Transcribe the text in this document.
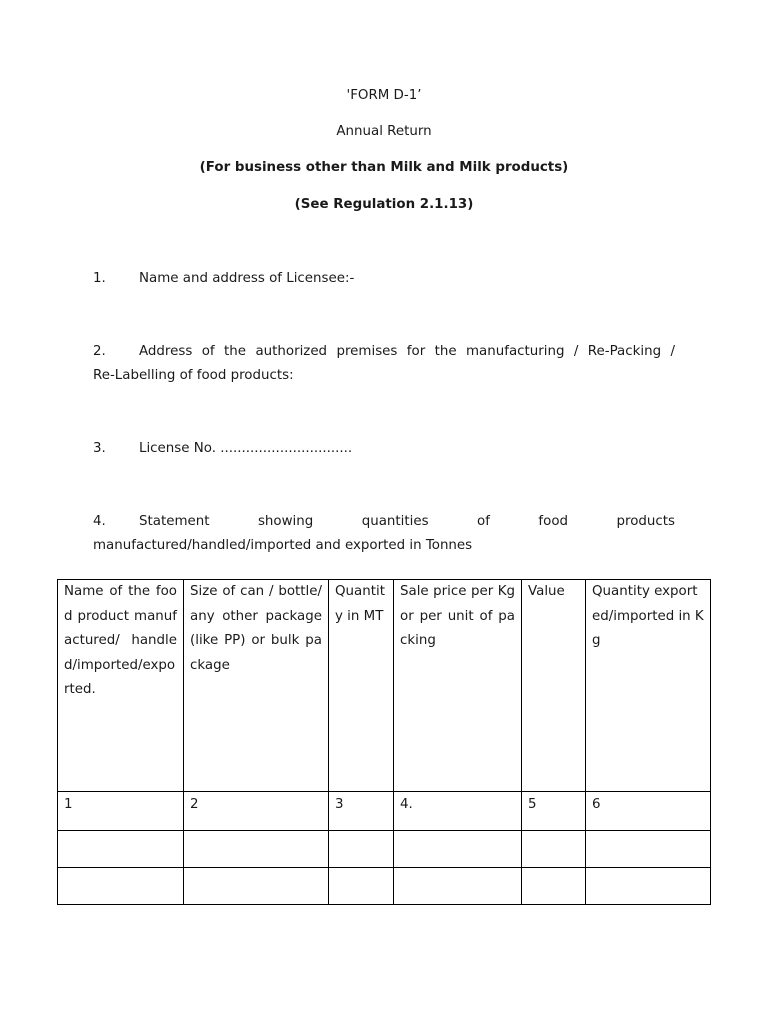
'FORM D-1’
Annual Return
(For business other than Milk and Milk products)
(See Regulation 2.1.13)
1. Name and address of Licensee:-
2. Address of the authorized premises for the manufacturing / Re-Packing /
Re-Labelling of food products:
3. License No. ...............................
4. Statement showing quantities of food products
manufactured/handled/imported and exported in Tonnes
Name of the food product manufactured/ handled/imported/exported.	Size of can / bottle/any other package (like PP) or bulk package	Quantity in MT	Sale price per Kg or per unit of packing	Value	Quantity exported/imported in Kg
1	2	3	4.	5	6
